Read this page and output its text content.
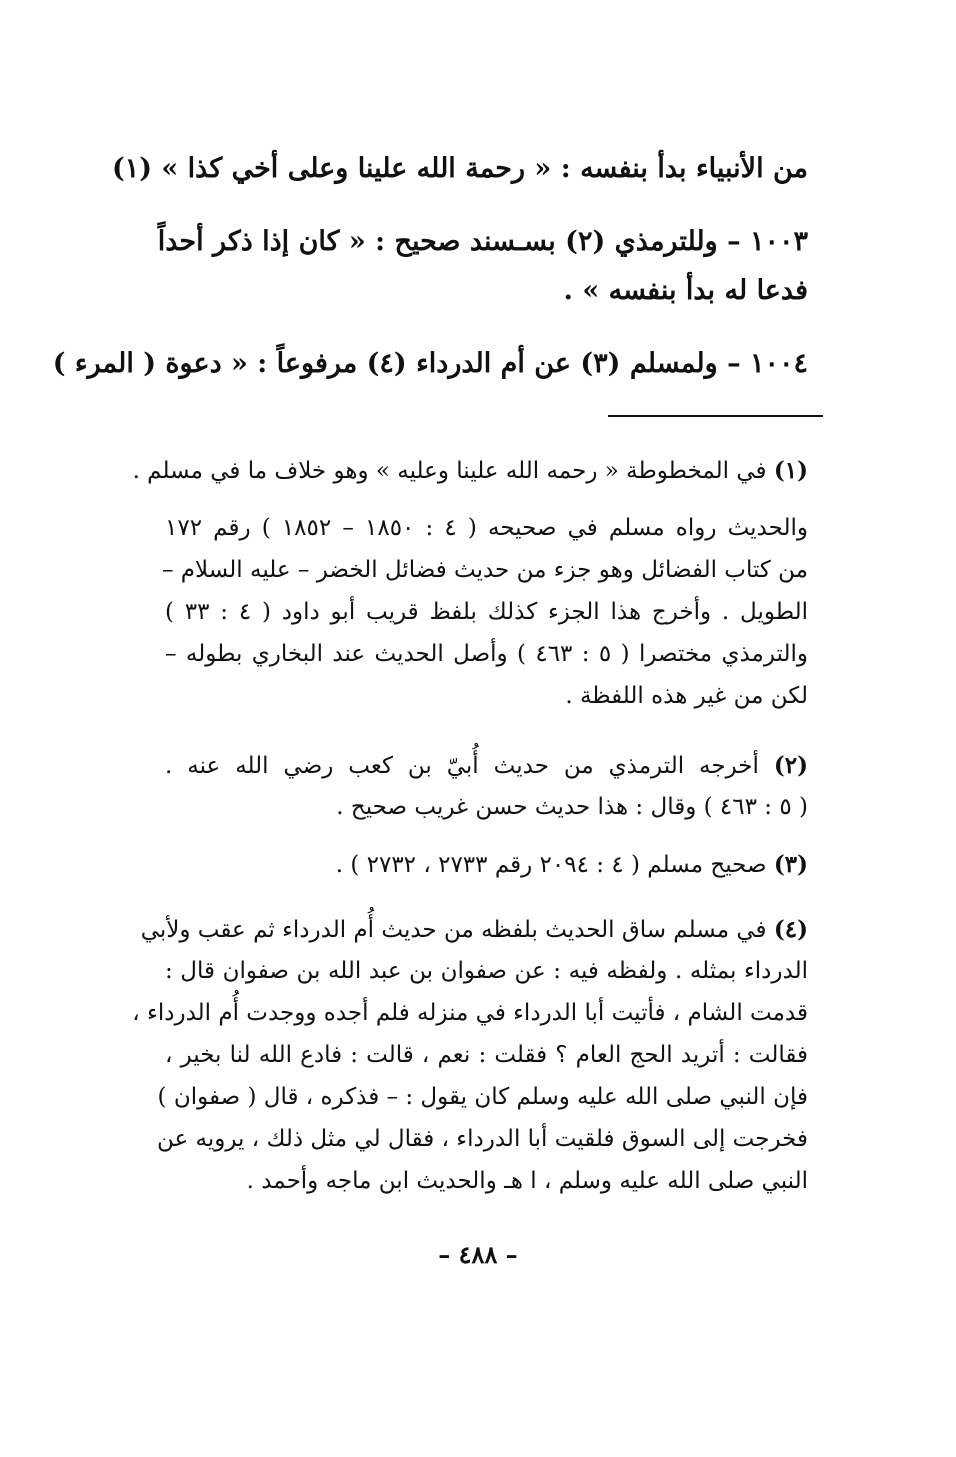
من الأنبياء بدأ بنفسه : « رحمة الله علينا وعلى أخي كذا » (١)
١٠٠٣ – وللترمذي (٢) بسـسند صحيح : « كان إذا ذكر أحداً
فدعا له بدأ بنفسه » .
١٠٠٤ – ولمسلم (٣) عن أم الدرداء (٤) مرفوعاً : « دعوة ( المرء )
(١) في المخطوطة « رحمه الله علينا وعليه » وهو خلاف ما في مسلم .
والحديث رواه مسلم في صحيحه ( ٤ : ١٨٥٠ – ١٨٥٢ ) رقم ١٧٢
من كتاب الفضائل وهو جزء من حديث فضائل الخضر – عليه السلام –
الطويل . وأخرج هذا الجزء كذلك بلفظ قريب أبو داود ( ٤ : ٣٣ )
والترمذي مختصرا ( ٥ : ٤٦٣ ) وأصل الحديث عند البخاري بطوله –
لكن من غير هذه اللفظة .
(٢) أخرجه الترمذي من حديث أُبيّ بن كعب رضي الله عنه .
( ٥ : ٤٦٣ ) وقال : هذا حديث حسن غريب صحيح .
(٣) صحيح مسلم ( ٤ : ٢٠٩٤ رقم ٢٧٣٣ ، ٢٧٣٢ ) .
(٤) في مسلم ساق الحديث بلفظه من حديث أُم الدرداء ثم عقب ولأبي
الدرداء بمثله . ولفظه فيه : عن صفوان بن عبد الله بن صفوان قال :
قدمت الشام ، فأتيت أبا الدرداء في منزله فلم أجده ووجدت أُم الدرداء ،
فقالت : أتريد الحج العام ؟ فقلت : نعم ، قالت : فادع الله لنا بخير ،
فإن النبي صلى الله عليه وسلم كان يقول : – فذكره ، قال ( صفوان )
فخرجت إلى السوق فلقيت أبا الدرداء ، فقال لي مثل ذلك ، يرويه عن
النبي صلى الله عليه وسلم ، ا هـ والحديث ابن ماجه وأحمد .
– ٤٨٨ –
